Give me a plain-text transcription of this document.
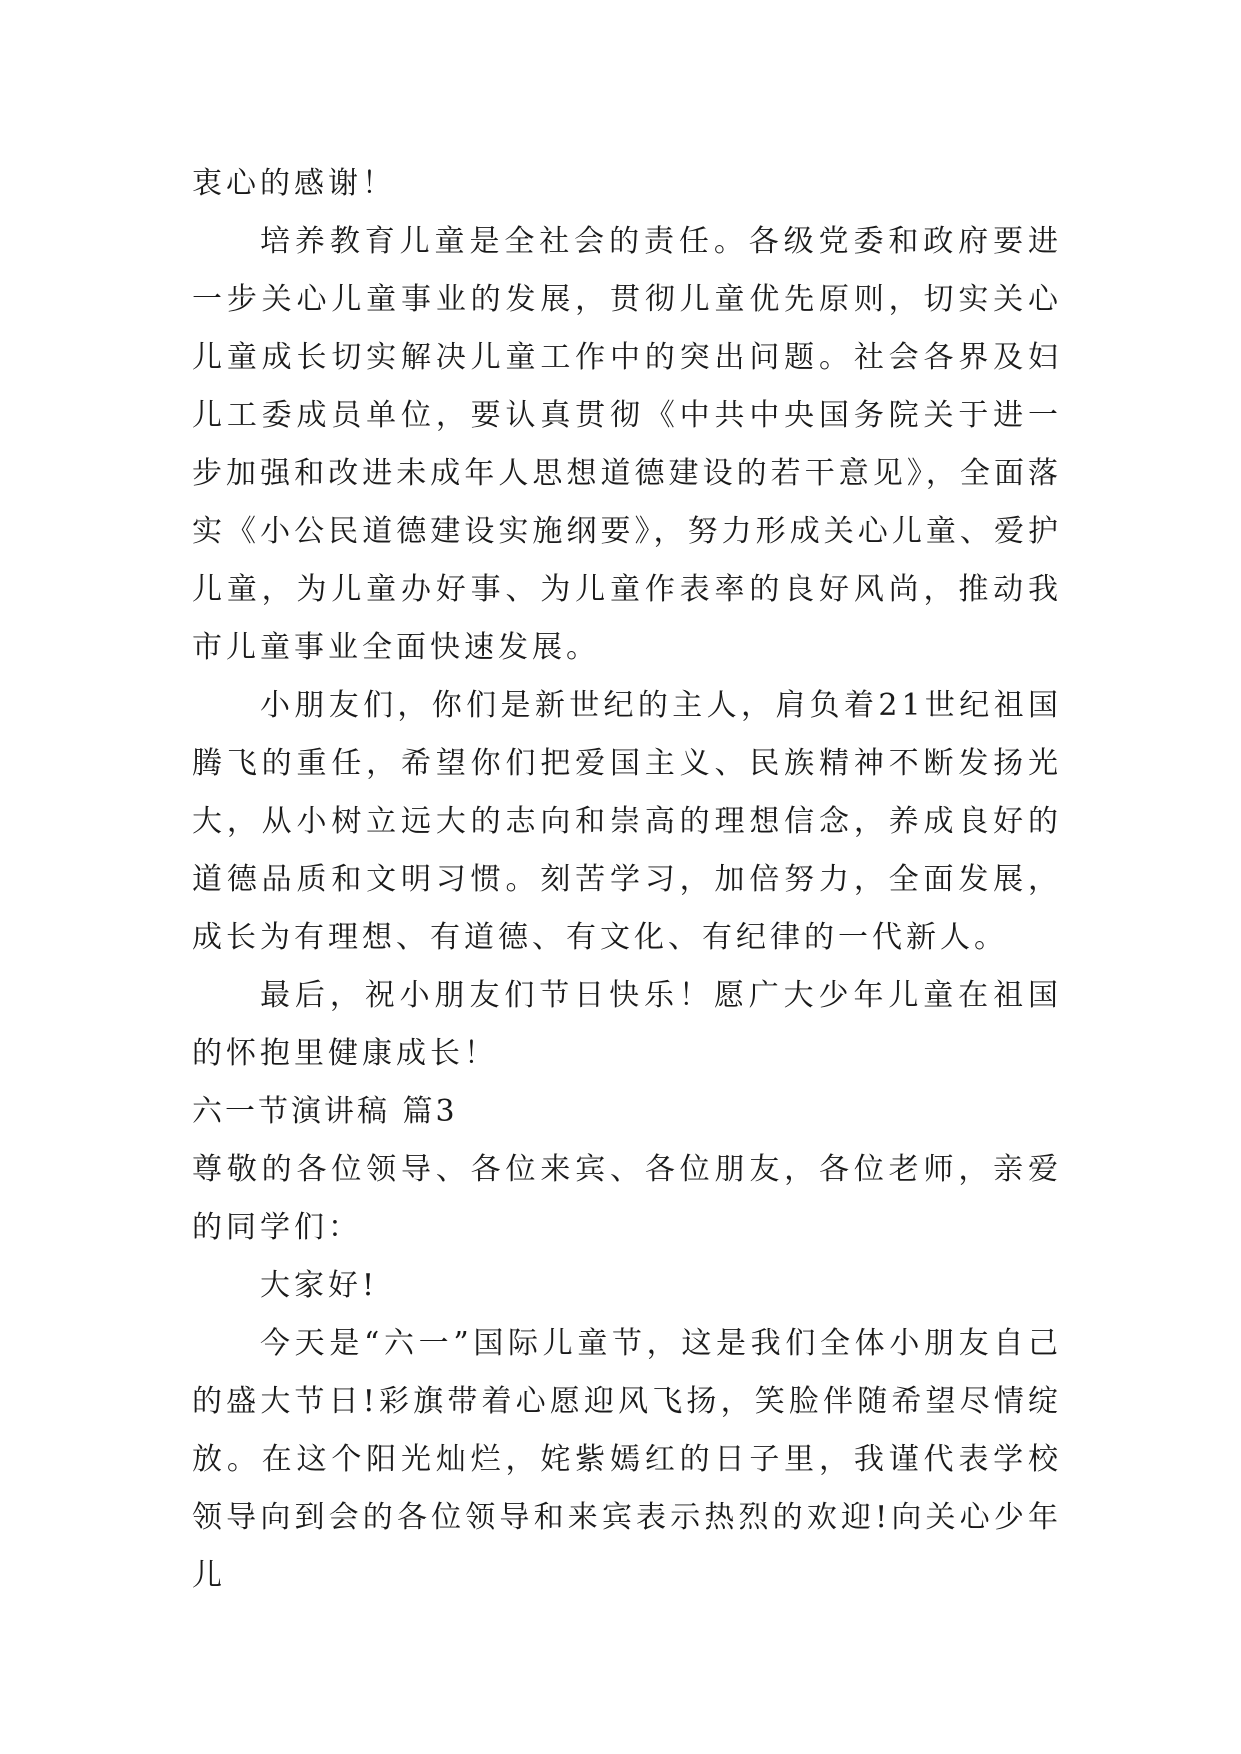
衷心的感谢！

培养教育儿童是全社会的责任。各级党委和政府要进一步关心儿童事业的发展，贯彻儿童优先原则，切实关心儿童成长切实解决儿童工作中的突出问题。社会各界及妇儿工委成员单位，要认真贯彻《中共中央国务院关于进一步加强和改进未成年人思想道德建设的若干意见》，全面落实《小公民道德建设实施纲要》，努力形成关心儿童、爱护儿童，为儿童办好事、为儿童作表率的良好风尚，推动我市儿童事业全面快速发展。

小朋友们，你们是新世纪的主人，肩负着21世纪祖国腾飞的重任，希望你们把爱国主义、民族精神不断发扬光大，从小树立远大的志向和崇高的理想信念，养成良好的道德品质和文明习惯。刻苦学习，加倍努力，全面发展，成长为有理想、有道德、有文化、有纪律的一代新人。

最后，祝小朋友们节日快乐！愿广大少年儿童在祖国的怀抱里健康成长！

六一节演讲稿 篇3

尊敬的各位领导、各位来宾、各位朋友，各位老师，亲爱的同学们：

大家好!

今天是“六一”国际儿童节，这是我们全体小朋友自己的盛大节日!彩旗带着心愿迎风飞扬，笑脸伴随希望尽情绽放。在这个阳光灿烂，姹紫嫣红的日子里，我谨代表学校领导向到会的各位领导和来宾表示热烈的欢迎!向关心少年儿
